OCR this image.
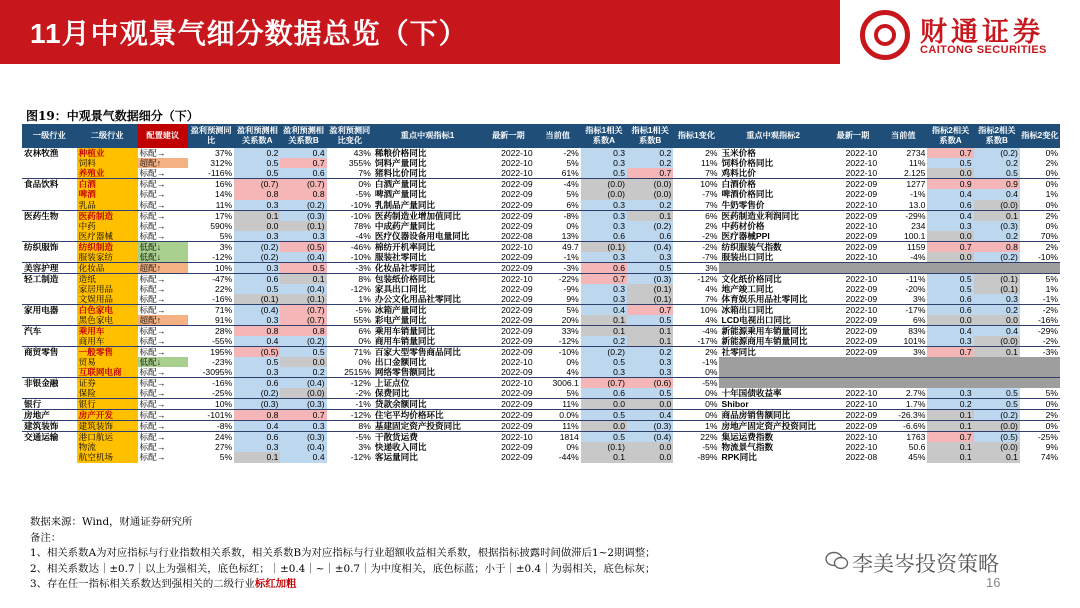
11月中观景气细分数据总览（下）	财通证券
CAITONG SECURITIES
图19：中观景气数据细分（下）
一级行业	二级行业	配置建议	盈利预测同比	盈利预测相关系数A	盈利预测相关系数B	盈利预测同比变化	重点中观指标1	最新一期	当前值	指标1相关系数A	指标1相关系数B	指标1变化	重点中观指标2	最新一期	当前值	指标2相关系数A	指标2相关系数B	指标2变化
农林牧渔	种植业	标配→	37%	0.2	0.4	43%	稀粮价格同比	2022-10	-2%	0.3	0.2	2%	玉米价格	2022-10	2734	0.7	(0.2)	0%
	饲料	超配↑	312%	0.5	0.7	355%	饲料产量同比	2022-10	5%	0.3	0.2	11%	饲料价格同比	2022-10	11%	0.5	0.2	2%
	养殖业	标配→	-116%	0.5	0.6	7%	猪料比价同比	2022-10	61%	0.5	0.7	7%	鸡料比价	2022-10	2.125	0.0	0.5	0%
食品饮料	白酒	标配→	16%	(0.7)	(0.7)	0%	白酒产量同比	2022-09	-4%	(0.0)	(0.0)	10%	白酒价格	2022-09	1277	0.9	0.9	0%
	啤酒	标配→	14%	0.8	0.8	-5%	啤酒产量同比	2022-09	5%	(0.0)	(0.0)	-7%	啤酒价格同比	2022-09	-1%	0.4	0.4	1%
	乳品	标配→	11%	0.3	(0.2)	-10%	乳制品产量同比	2022-09	6%	0.3	0.2	7%	牛奶零售价	2022-10	13.0	0.6	(0.0)	0%
医药生物	医药制造	标配→	17%	0.1	(0.3)	-10%	医药制造业增加值同比	2022-09	-8%	0.3	0.1	6%	医药制造业利润同比	2022-09	-29%	0.4	0.1	2%
	中药	标配→	590%	0.0	(0.1)	78%	中成药产量同比	2022-09	0%	0.3	(0.2)	2%	中药材价格	2022-10	234	0.3	(0.3)	0%
	医疗器械	标配→	5%	0.3	0.3	-4%	医疗仪器设备用电量同比	2022-08	13%	0.6	0.6	-2%	医疗器械PPI	2022-09	100.1	0.0	0.2	70%
纺织服饰	纺织制造	低配↓	3%	(0.2)	(0.5)	-46%	棉纺开机率同比	2022-10	49.7	(0.1)	(0.4)	-2%	纺织服装气指数	2022-09	1159	0.7	0.8	2%
	服装家纺	低配↓	-12%	(0.2)	(0.4)	-10%	服装社零同比	2022-09	-1%	0.3	0.3	-7%	服装出口同比	2022-10	-4%	0.0	(0.2)	-10%
美容护理	化妆品	超配↑	10%	0.3	0.5	-3%	化妆品社零同比	2022-09	-3%	0.6	0.5	3%						
轻工制造	造纸	标配→	-47%	0.6	0.1	8%	包装纸价格同比	2022-10	-22%	0.7	(0.3)	-12%	文化纸价格同比	2022-10	-11%	0.5	(0.1)	5%
	家居用品	标配→	22%	0.5	(0.4)	-12%	家具出口同比	2022-09	-9%	0.3	(0.1)	4%	地产竣工同比	2022-09	-20%	0.5	(0.1)	1%
	文娱用品	标配→	-16%	(0.1)	(0.1)	1%	办公文化用品社零同比	2022-09	9%	0.3	(0.1)	7%	体育娱乐用品社零同比	2022-09	3%	0.6	0.3	-1%
家用电器	白色家电	标配→	71%	(0.4)	(0.7)	-5%	冰箱产量同比	2022-09	5%	0.4	0.7	10%	冰箱出口同比	2022-10	-17%	0.6	0.2	-2%
	黑色家电	超配↑	91%	0.3	(0.7)	55%	彩电产量同比	2022-09	20%	0.1	0.5	4%	LCD电视出口同比	2022-09	6%	0.0	0.0	-16%
汽车	乘用车	标配→	28%	0.8	0.8	6%	乘用车销量同比	2022-09	33%	0.1	0.1	-4%	新能源乘用车销量同比	2022-09	83%	0.4	0.4	-29%
	商用车	标配→	-55%	0.4	(0.2)	0%	商用车销量同比	2022-09	-12%	0.2	0.1	-17%	新能源商用车销量同比	2022-09	101%	0.3	(0.0)	-2%
商贸零售	一般零售	标配→	195%	(0.5)	0.5	71%	百家大型零售商品同比	2022-09	-10%	(0.2)	0.2	2%	社零同比	2022-09	3%	0.7	0.1	-3%
	贸易	低配↓	-23%	0.5	0.0	0%	出口金额同比	2022-10	0%	0.5	0.3	-1%						
	互联网电商	标配→	-3095%	0.3	0.2	2515%	网络零售额同比	2022-09	4%	0.3	0.3	0%						
非银金融	证券	标配→	-16%	0.6	(0.4)	-12%	上证点位	2022-10	3006.1	(0.7)	(0.6)	-5%						
	保险	标配→	-25%	(0.2)	(0.0)	-2%	保费同比	2022-09	5%	0.6	0.5	0%	十年国债收益率	2022-10	2.7%	0.3	0.5	5%
银行	银行	标配→	10%	(0.3)	(0.3)	-1%	贷款余额同比	2022-09	11%	0.0	0.0	0%	Shibor	2022-10	1.7%	0.2	0.5	0%
房地产	房产开发	标配→	-101%	0.8	0.7	-12%	住宅平均价格环比	2022-09	0.0%	0.5	0.4	0%	商品房销售额同比	2022-09	-26.3%	0.1	(0.2)	2%
建筑装饰	建筑装饰	标配→	-8%	0.4	0.3	8%	基建固定资产投资同比	2022-09	11%	0.0	(0.3)	1%	房地产固定资产投资同比	2022-09	-6.6%	0.1	(0.0)	0%
交通运输	港口航运	标配→	24%	0.6	(0.3)	-5%	干散货运费	2022-10	1814	0.5	(0.4)	22%	集运运费指数	2022-10	1763	0.7	(0.5)	-25%
	物流	标配→	27%	0.3	(0.4)	3%	快递收入同比	2022-09	0%	(0.1)	0.0	-5%	物流景气指数	2022-10	50.6	0.1	(0.0)	9%
	航空机场	标配→	5%	0.1	0.4	-12%	客运量同比	2022-09	-44%	0.1	0.0	-89%	RPK同比	2022-08	45%	0.1	0.1	74%
数据来源：Wind，财通证券研究所
备注：
1、相关系数A为对应指标与行业指数相关系数，相关系数B为对应指标与行业超额收益相关系数，根据指标披露时间做滞后1~2期调整；
2、相关系数达｜±0.7｜以上为强相关，底色标红；｜±0.4｜~｜±0.7｜为中度相关，底色标蓝；小于｜±0.4｜为弱相关，底色标灰；
3、存在任一指标相关系数达到强相关的二级行业标红加粗
李美岑投资策略
16
